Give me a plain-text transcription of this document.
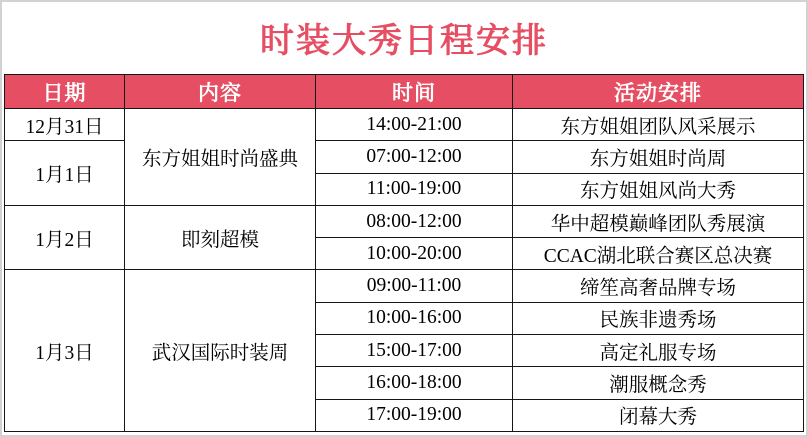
时装大秀日程安排
日期	内容	时间	活动安排
12月31日	东方姐姐时尚盛典	14:00-21:00	东方姐姐团队风采展示
1月1日		07:00-12:00	东方姐姐时尚周
		11:00-19:00	东方姐姐风尚大秀
1月2日	即刻超模	08:00-12:00	华中超模巅峰团队秀展演
		10:00-20:00	CCAC湖北联合赛区总决赛
1月3日	武汉国际时装周	09:00-11:00	缔笙高奢品牌专场
		10:00-16:00	民族非遗秀场
		15:00-17:00	高定礼服专场
		16:00-18:00	潮服概念秀
		17:00-19:00	闭幕大秀
